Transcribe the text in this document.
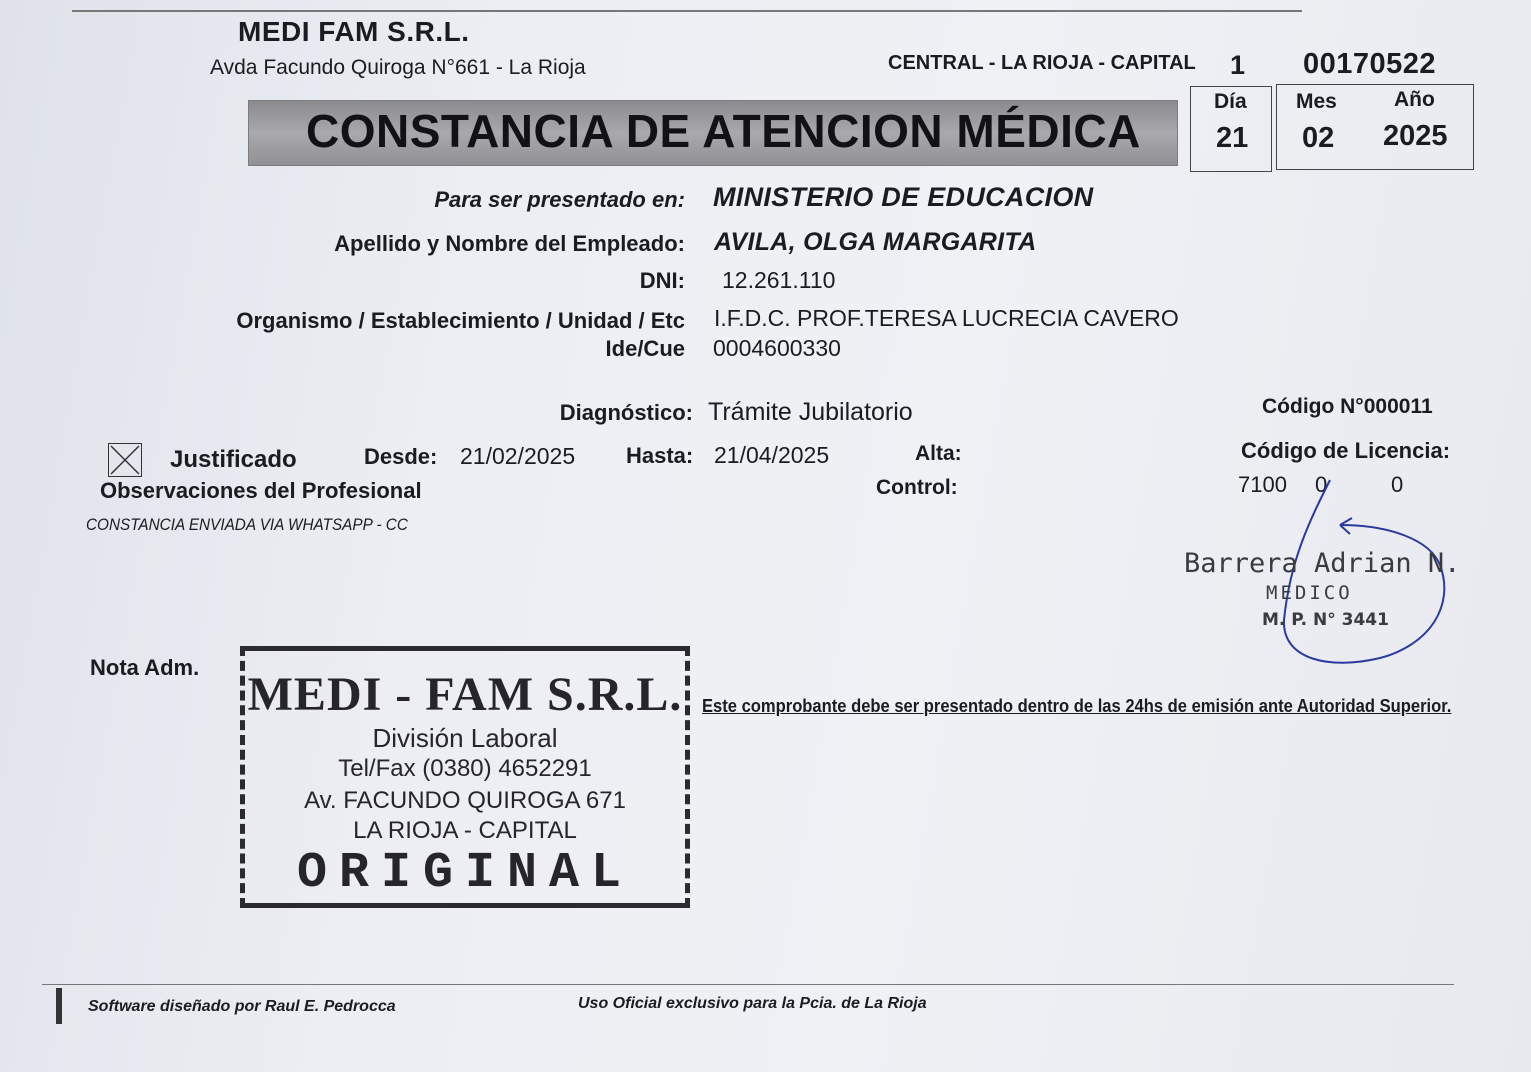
MEDI FAM S.R.L.
Avda Facundo Quiroga N°661 - La Rioja	CENTRAL - LA RIOJA - CAPITAL 1 00170522
CONSTANCIA DE ATENCION MÉDICA
Día Mes	Año
21 02 2025
Para ser presentado en: MINISTERIO DE EDUCACION
Apellido y Nombre del Empleado: AVILA, OLGA MARGARITA
DNI: 12.261.110
Organismo / Establecimiento / Unidad / Etc I.F.D.C. PROF.TERESA LUCRECIA CAVERO
Ide/Cue 0004600330
Diagnóstico: Trámite Jubilatorio	Código N°000011
Justificado	Desde: 21/02/2025 Hasta: 21/04/2025	Alta:
Control:
Código de Licencia:
7100 0	0
Observaciones del Profesional
CONSTANCIA ENVIADA VIA WHATSAPP - CC
Barrera Adrian N.
MEDICO
M. P. N° 3441
Nota Adm.
MEDI - FAM S.R.L.
División Laboral
Tel/Fax (0380) 4652291
Av. FACUNDO QUIROGA 671
LA RIOJA - CAPITAL
ORIGINAL
Este comprobante debe ser presentado dentro de las 24hs de emisión ante Autoridad Superior.
Software diseñado por Raul E. Pedrocca	Uso Oficial exclusivo para la Pcia. de La Rioja
